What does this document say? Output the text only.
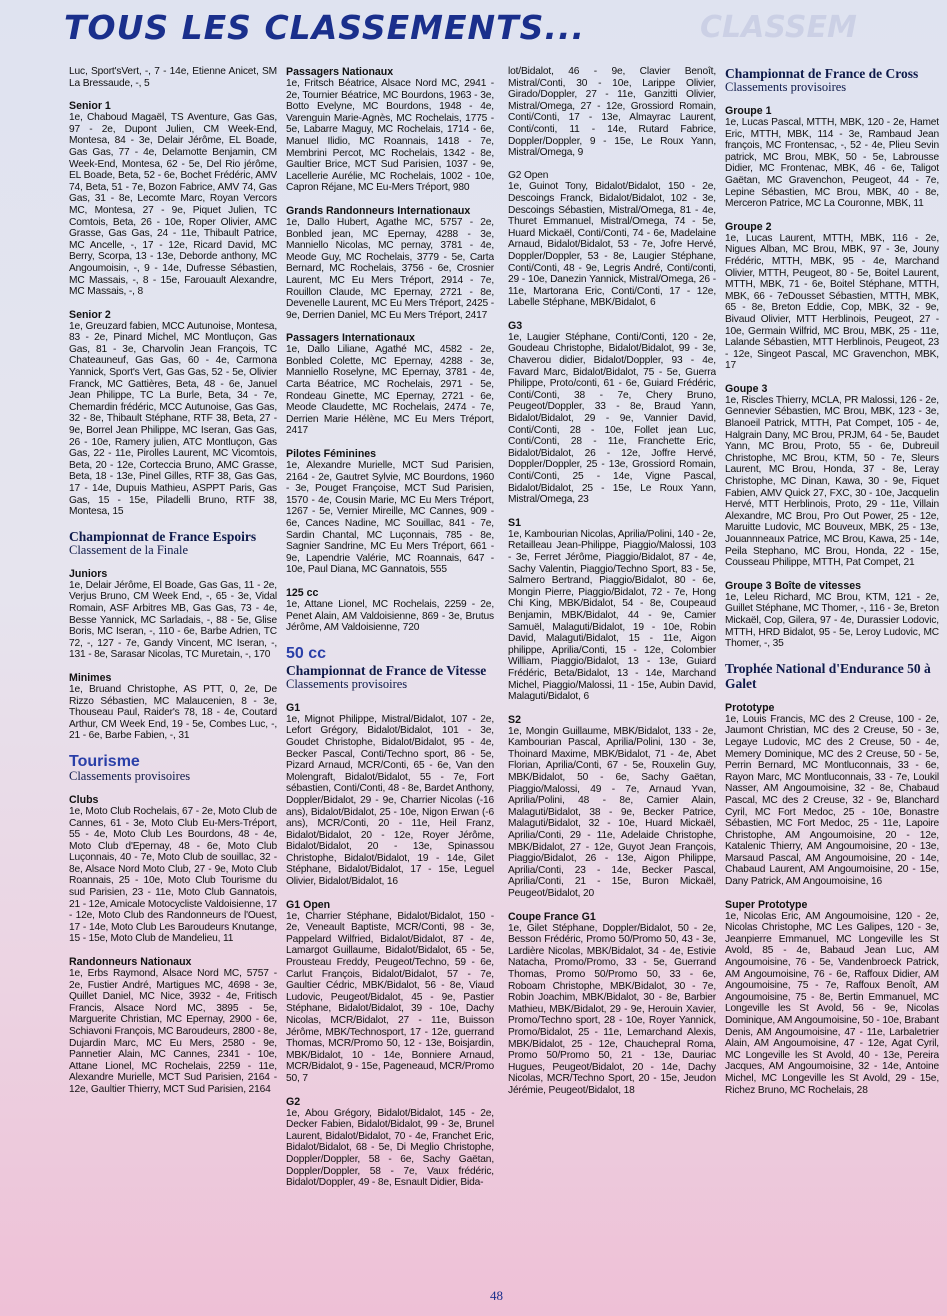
CLASSEM
TOUS LES CLASSEMENTS...

Luc, Sport'sVert, -, 7 - 14e, Etienne Anicet, SM La Bressaude, -, 5

Senior 1

1e, Chaboud Magaël, TS Aventure, Gas Gas, 97 - 2e, Dupont Julien, CM Week-End, Montesa, 84 - 3e, Delair Jérôme, EL Boade, Gas Gas, 77 - 4e, Delamotte Benjamin, CM Week-End, Montesa, 62 - 5e, Del Rio jérôme, EL Boade, Beta, 52 - 6e, Bochet Frédéric, AMV 74, Beta, 51 - 7e, Bozon Fabrice, AMV 74, Gas Gas, 31 - 8e, Lecomte Marc, Royan Vercors MC, Montesa, 27 - 9e, Piquet Julien, TC Comtois, Beta, 26 - 10e, Roper Olivier, AMC Grasse, Gas Gas, 24 - 11e, Thibault Patrice, MC Ancelle, -, 17 - 12e, Ricard David, MC Berry, Scorpa, 13 - 13e, Deborde anthony, MC Angoumoisin, -, 9 - 14e, Dufresse Sébastien, MC Massais, -, 8 - 15e, Farouault Alexandre, MC Massais, -, 8

Senior 2

1e, Greuzard fabien, MCC Autunoise, Montesa, 83 - 2e, Pinard Michel, MC Montluçon, Gas Gas, 81 - 3e, Charvolin Jean François, TC Chateauneuf, Gas Gas, 60 - 4e, Carmona Yannick, Sport's Vert, Gas Gas, 52 - 5e, Olivier Franck, MC Gattières, Beta, 48 - 6e, Januel Jean Philippe, TC La Burle, Beta, 34 - 7e, Chemardin frédéric, MCC Autunoise, Gas Gas, 32 - 8e, Thibault Stéphane, RTF 38, Beta, 27 - 9e, Borrel Jean Philippe, MC Iseran, Gas Gas, 26 - 10e, Ramery julien, ATC Montluçon, Gas Gas, 22 - 11e, Pirolles Laurent, MC Vicomtois, Beta, 20 - 12e, Corteccia Bruno, AMC Grasse, Beta, 18 - 13e, Pinel Gilles, RTF 38, Gas Gas, 17 - 14e, Dupuis Mathieu, ASPPT Paris, Gas Gas, 15 - 15e, Piladelli Bruno, RTF 38, Montesa, 15

Championnat de France Espoirs

Classement de la Finale

Juniors

1e, Delair Jérôme, El Boade, Gas Gas, 11 - 2e, Verjus Bruno, CM Week End, -, 65 - 3e, Vidal Romain, ASF Arbitres MB, Gas Gas, 73 - 4e, Besse Yannick, MC Sarladais, -, 88 - 5e, Glise Boris, MC Iseran, -, 110 - 6e, Barbe Adrien, TC 72, -, 127 - 7e, Gandy Vincent, MC Iseran, -, 131 - 8e, Sarasar Nicolas, TC Muretain, -, 170

Minimes

1e, Bruand Christophe, AS PTT, 0, 2e, De Rizzo Sébastien, MC Malaucenien, 8 - 3e, Thouseau Paul, Raider's 78, 18 - 4e, Coutard Arthur, CM Week End, 19 - 5e, Combes Luc, -, 21 - 6e, Barbe Fabien, -, 31

Tourisme

Classements provisoires

Clubs

1e, Moto Club Rochelais, 67 - 2e, Moto Club de Cannes, 61 - 3e, Moto Club Eu-Mers-Tréport, 55 - 4e, Moto Club Les Bourdons, 48 - 4e, Moto Club d'Epernay, 48 - 6e, Moto Club Luçonnais, 40 - 7e, Moto Club de souillac, 32 - 8e, Alsace Nord Moto Club, 27 - 9e, Moto Club Roannais, 25 - 10e, Moto Club Tourisme du sud Parisien, 23 - 11e, Moto Club Gannatois, 21 - 12e, Amicale Motocycliste Valdoisienne, 17 - 12e, Moto Club des Randonneurs de l'Ouest, 17 - 14e, Moto Club Les Baroudeurs Knutange, 15 - 15e, Moto Club de Mandelieu, 11

Randonneurs Nationaux

1e, Erbs Raymond, Alsace Nord MC, 5757 - 2e, Fustier André, Martigues MC, 4698 - 3e, Quillet Daniel, MC Nice, 3932 - 4e, Fritisch Francis, Alsace Nord MC, 3895 - 5e, Marguerite Christian, MC Epernay, 2900 - 6e, Schiavoni François, MC Baroudeurs, 2800 - 8e, Dujardin Marc, MC Eu Mers, 2580 - 9e, Pannetier Alain, MC Cannes, 2341 - 10e, Attane Lionel, MC Rochelais, 2259 - 11e, Alexandre Murielle, MCT Sud Parisien, 2164 - 12e, Gaultier Thierry, MCT Sud Parisien, 2164

Passagers Nationaux

1e, Fritsch Béatrice, Alsace Nord MC, 2941 - 2e, Tournier Béatrice, MC Bourdons, 1963 - 3e, Botto Evelyne, MC Bourdons, 1948 - 4e, Varenguin Marie-Agnès, MC Rochelais, 1775 - 5e, Labarre Maguy, MC Rochelais, 1714 - 6e, Manuel Ilidio, MC Roannais, 1418 - 7e, Membrini Percot, MC Rochelais, 1342 - 8e, Gaultier Brice, MCT Sud Parisien, 1037 - 9e, Lacellerie Aurélie, MC Rochelais, 1002 - 10e, Capron Réjane, MC Eu-Mers Tréport, 980

Grands Randonneurs Internationaux

1e, Dallo Hubert, Agathe MC, 5757 - 2e, Bonbled jean, MC Epernay, 4288 - 3e, Manniello Nicolas, MC pernay, 3781 - 4e, Meode Guy, MC Rochelais, 3779 - 5e, Carta Bernard, MC Rochelais, 3756 - 6e, Crosnier Laurent, MC Eu Mers Tréport, 2914 - 7e, Rouillon Claude, MC Epernay, 2721 - 8e, Devenelle Laurent, MC Eu Mers Tréport, 2425 - 9e, Derrien Daniel, MC Eu Mers Tréport, 2417

Passagers Internationaux

1e, Dallo Liliane, Agathé MC, 4582 - 2e, Bonbled Colette, MC Epernay, 4288 - 3e, Manniello Roselyne, MC Epernay, 3781 - 4e, Carta Béatrice, MC Rochelais, 2971 - 5e, Rondeau Ginette, MC Epernay, 2721 - 6e, Meode Claudette, MC Rochelais, 2474 - 7e, Derrien Marie Hélène, MC Eu Mers Tréport, 2417

Pilotes Féminines

1e, Alexandre Murielle, MCT Sud Parisien, 2164 - 2e, Gautret Sylvie, MC Bourdons, 1960 - 3e, Pouget Françoise, MCT Sud Parisien, 1570 - 4e, Cousin Marie, MC Eu Mers Tréport, 1267 - 5e, Vernier Mireille, MC Cannes, 909 - 6e, Cances Nadine, MC Souillac, 841 - 7e, Sardin Chantal, MC Luçonnais, 785 - 8e, Sagnier Sandrine, MC Eu Mers Tréport, 661 - 9e, Lapendrie Valérie, MC Roannais, 647 - 10e, Paul Diana, MC Gannatois, 555

125 cc

1e, Attane Lionel, MC Rochelais, 2259 - 2e, Penet Alain, AM Valdoisienne, 869 - 3e, Brutus Jérôme, AM Valdoisienne, 720

50 cc

Championnat de France de Vitesse

Classements provisoires

G1

1e, Mignot Philippe, Mistral/Bidalot, 107 - 2e, Lefort Grégory, Bidalot/Bidalot, 101 - 3e, Goudet Christophe, Bidalot/Bidalot, 95 - 4e, Becker Pascal, Conti/Techno sport, 86 - 5e, Pizard Arnaud, MCR/Conti, 65 - 6e, Van den Molengraft, Bidalot/Bidalot, 55 - 7e, Fort sébastien, Conti/Conti, 48 - 8e, Bardet Anthony, Doppler/Bidalot, 29 - 9e, Charrier Nicolas (-16 ans), Bidalot/Bidalot, 25 - 10e, Nigon Erwan (-6 ans), MCR/Conti, 20 - 11e, Heil Franz, Bidalot/Bidalot, 20 - 12e, Royer Jérôme, Bidalot/Bidalot, 20 - 13e, Spinassou Christophe, Bidalot/Bidalot, 19 - 14e, Gilet Stéphane, Bidalot/Bidalot, 17 - 15e, Leguel Olivier, Bidalot/Bidalot, 16

G1 Open

1e, Charrier Stéphane, Bidalot/Bidalot, 150 - 2e, Veneault Baptiste, MCR/Conti, 98 - 3e, Pappelard Wilfried, Bidalot/Bidalot, 87 - 4e, Lamargot Guillaume, Bidalot/Bidalot, 65 - 5e, Prousteau Freddy, Peugeot/Techno, 59 - 6e, Carlut François, Bidalot/Bidalot, 57 - 7e, Gaultier Cédric, MBK/Bidalot, 56 - 8e, Viaud Ludovic, Peugeot/Bidalot, 45 - 9e, Pastier Stéphane, Bidalot/Bidalot, 39 - 10e, Dachy Nicolas, MCR/Bidalot, 27 - 11e, Buisson Jérôme, MBK/Technosport, 17 - 12e, guerrand Thomas, MCR/Promo 50, 12 - 13e, Boisjardin, MBK/Bidalot, 10 - 14e, Bonniere Arnaud, MCR/Bidalot, 9 - 15e, Pageneaud, MCR/Promo 50, 7

G2

1e, Abou Grégory, Bidalot/Bidalot, 145 - 2e, Decker Fabien, Bidalot/Bidalot, 99 - 3e, Brunel Laurent, Bidalot/Bidalot, 70 - 4e, Franchet Eric, Bidalot/Bidalot, 68 - 5e, Di Meglio Christophe, Doppler/Doppler, 58 - 6e, Sachy Gaëtan, Doppler/Doppler, 58 - 7e, Vaux frédéric, Bidalot/Doppler, 49 - 8e, Esnault Didier, Bida-

lot/Bidalot, 46 - 9e, Clavier Benoît, Mistral/Conti, 30 - 10e, Larippe Olivier, Girado/Doppler, 27 - 11e, Ganzitti Olivier, Mistral/Omega, 27 - 12e, Grossiord Romain, Conti/Conti, 17 - 13e, Almayrac Laurent, Conti/conti, 11 - 14e, Rutard Fabrice, Doppler/Doppler, 9 - 15e, Le Roux Yann, Mistral/Omega, 9

G2 Open

1e, Guinot Tony, Bidalot/Bidalot, 150 - 2e, Descoings Franck, Bidalot/Bidalot, 102 - 3e, Descoings Sébastien, Mistral/Omega, 81 - 4e, Thuret Emmanuel, Mistral/Omega, 74 - 5e, Huard Mickaël, Conti/Conti, 74 - 6e, Madelaine Arnaud, Bidalot/Bidalot, 53 - 7e, Jofre Hervé, Doppler/Doppler, 53 - 8e, Laugier Stéphane, Conti/Conti, 48 - 9e, Legris André, Conti/conti, 29 - 10e, Danezin Yannick, Mistral/Omega, 26 - 11e, Martorana Eric, Conti/Conti, 17 - 12e, Labelle Stéphane, MBK/Bidalot, 6

G3

1e, Laugier Stéphane, Conti/Conti, 120 - 2e, Goudeau Christophe, Bidalot/Bidalot, 99 - 3e, Chaverou didier, Bidalot/Doppler, 93 - 4e, Favard Marc, Bidalot/Bidalot, 75 - 5e, Guerra Philippe, Proto/conti, 61 - 6e, Guiard Frédéric, Conti/Conti, 38 - 7e, Chery Bruno, Peugeot/Doppler, 33 - 8e, Braud Yann, Bidalot/Bidalot, 29 - 9e, Vannier David, Conti/Conti, 28 - 10e, Follet jean Luc, Conti/Conti, 28 - 11e, Franchette Eric, Bidalot/Bidalot, 26 - 12e, Joffre Hervé, Doppler/Doppler, 25 - 13e, Grossiord Romain, Conti/Conti, 25 - 14e, Vigne Pascal, Bidalot/Bidalot, 25 - 15e, Le Roux Yann, Mistral/Omega, 23

S1

1e, Kambourian Nicolas, Aprilia/Polini, 140 - 2e, Retailleau Jean-Philippe, Piaggio/Malossi, 103 - 3e, Ferret Jérôme, Piaggio/Bidalot, 87 - 4e, Sachy Valentin, Piaggio/Techno Sport, 83 - 5e, Salmero Bertrand, Piaggio/Bidalot, 80 - 6e, Mongin Pierre, Piaggio/Bidalot, 72 - 7e, Hong Chi King, MBK/Bidalot, 54 - 8e, Coupeaud Benjamin, MBK/Bidalot, 44 - 9e, Camier Samuël, Malaguti/Bidalot, 19 - 10e, Robin David, Malaguti/Bidalot, 15 - 11e, Aigon philippe, Aprilia/Conti, 15 - 12e, Colombier William, Piaggio/Bidalot, 13 - 13e, Guiard Frédéric, Beta/Bidalot, 13 - 14e, Marchand Michel, Piaggio/Malossi, 11 - 15e, Aubin David, Malaguti/Bidalot, 6

S2

1e, Mongin Guillaume, MBK/Bidalot, 133 - 2e, Kambourian Pascal, Aprilia/Polini, 130 - 3e, Thoinard Maxime, MBK/Bidalot, 71 - 4e, Abet Florian, Aprilia/Conti, 67 - 5e, Rouxelin Guy, MBK/Bidalot, 50 - 6e, Sachy Gaëtan, Piaggio/Malossi, 49 - 7e, Arnaud Yvan, Aprilia/Polini, 48 - 8e, Camier Alain, Malaguti/Bidalot, 38 - 9e, Becker Patrice, Malaguti/Bidalot, 32 - 10e, Huard Mickaël, Aprilia/Conti, 29 - 11e, Adelaide Christophe, MBK/Bidalot, 27 - 12e, Guyot Jean François, Piaggio/Bidalot, 26 - 13e, Aigon Philippe, Aprilia/Conti, 23 - 14e, Becker Pascal, Aprilia/Conti, 21 - 15e, Buron Mickaël, Peugeot/Bidalot, 20

Coupe France G1

1e, Gilet Stéphane, Doppler/Bidalot, 50 - 2e, Besson Frédéric, Promo 50/Promo 50, 43 - 3e, Lardière Nicolas, MBK/Bidalot, 34 - 4e, Estivie Natacha, Promo/Promo, 33 - 5e, Guerrand Thomas, Promo 50/Promo 50, 33 - 6e, Roboam Christophe, MBK/Bidalot, 30 - 7e, Robin Joachim, MBK/Bidalot, 30 - 8e, Barbier Mathieu, MBK/Bidalot, 29 - 9e, Herouin Xavier, Promo/Techno sport, 28 - 10e, Royer Yannick, Promo/Bidalot, 25 - 11e, Lemarchand Alexis, MBK/Bidalot, 25 - 12e, Chauchepral Roma, Promo 50/Promo 50, 21 - 13e, Dauriac Hugues, Peugeot/Bidalot, 20 - 14e, Dachy Nicolas, MCR/Techno Sport, 20 - 15e, Jeudon Jérémie, Peugeot/Bidalot, 18

Championnat de France de Cross

Classements provisoires

Groupe 1

1e, Lucas Pascal, MTTH, MBK, 120 - 2e, Hamet Eric, MTTH, MBK, 114 - 3e, Rambaud Jean françois, MC Frontensac, -, 52 - 4e, Plieu Sevin patrick, MC Brou, MBK, 50 - 5e, Labrousse Didier, MC Frontenac, MBK, 46 - 6e, Taligot Gaëtan, MC Gravenchon, Peugeot, 44 - 7e, Lepine Sébastien, MC Brou, MBK, 40 - 8e, Merceron Patrice, MC La Couronne, MBK, 11

Groupe 2

1e, Lucas Laurent, MTTH, MBK, 116 - 2e, Nigues Alban, MC Brou, MBK, 97 - 3e, Jouny Frédéric, MTTH, MBK, 95 - 4e, Marchand Olivier, MTTH, Peugeot, 80 - 5e, Boitel Laurent, MTTH, MBK, 71 - 6e, Boitel Stéphane, MTTH, MBK, 66 - 7eDousset Sébastien, MTTH, MBK, 65 - 8e, Breton Eddie, Cop, MBK, 32 - 9e, Bivaud Olivier, MTT Herblinois, Peugeot, 27 - 10e, Germain Wilfrid, MC Brou, MBK, 25 - 11e, Lalande Sébastien, MTT Herblinois, Peugeot, 23 - 12e, Singeot Pascal, MC Gravenchon, MBK, 17

Goupe 3

1e, Riscles Thierry, MCLA, PR Malossi, 126 - 2e, Gennevier Sébastien, MC Brou, MBK, 123 - 3e, Blanoeil Patrick, MTTH, Pat Compet, 105 - 4e, Halgrain Dany, MC Brou, PRJM, 64 - 5e, Baudet Yann, MC Brou, Proto, 55 - 6e, Dubreuil Christophe, MC Brou, KTM, 50 - 7e, Sleurs Laurent, MC Brou, Honda, 37 - 8e, Leray Christophe, MC Dinan, Kawa, 30 - 9e, Fiquet Fabien, AMV Quick 27, FXC, 30 - 10e, Jacquelin Hervé, MTT Herblinois, Proto, 29 - 11e, Villain Alexandre, MC Brou, Pro Out Power, 25 - 12e, Maruitte Ludovic, MC Bouveux, MBK, 25 - 13e, Jouannneaux Patrice, MC Brou, Kawa, 25 - 14e, Peila Stephano, MC Brou, Honda, 22 - 15e, Cousseau Philippe, MTTH, Pat Compet, 21

Groupe 3 Boîte de vitesses

1e, Leleu Richard, MC Brou, KTM, 121 - 2e, Guillet Stéphane, MC Thomer, -, 116 - 3e, Breton Mickaël, Cop, Gilera, 97 - 4e, Durassier Lodovic, MTTH, HRD Bidalot, 95 - 5e, Leroy Ludovic, MC Thomer, -, 35

Trophée National d'Endurance 50 à Galet

Prototype

1e, Louis Francis, MC des 2 Creuse, 100 - 2e, Jaumont Christian, MC des 2 Creuse, 50 - 3e, Legaye Ludovic, MC des 2 Creuse, 50 - 4e, Memery Dominique, MC des 2 Creuse, 50 - 5e, Perrin Bernard, MC Montluconnais, 33 - 6e, Rayon Marc, MC Montluconnais, 33 - 7e, Loukil Nasser, AM Angoumoisine, 32 - 8e, Chabaud Pascal, MC des 2 Creuse, 32 - 9e, Blanchard Cyril, MC Fort Medoc, 25 - 10e, Bonastre Sébastien, MC Fort Medoc, 25 - 11e, Lapoire Christophe, AM Angoumoisine, 20 - 12e, Katalenic Thierry, AM Angoumoisine, 20 - 13e, Marsaud Pascal, AM Angoumoisine, 20 - 14e, Chabaud Laurent, AM Angoumoisine, 20 - 15e, Dany Patrick, AM Angoumoisine, 16

Super Prototype

1e, Nicolas Eric, AM Angoumoisine, 120 - 2e, Nicolas Christophe, MC Les Galipes, 120 - 3e, Jeanpierre Emmanuel, MC Longeville les St Avold, 85 - 4e, Babaud Jean Luc, AM Angoumoisine, 76 - 5e, Vandenbroeck Patrick, AM Angoumoisine, 76 - 6e, Raffoux Didier, AM Angoumoisine, 75 - 7e, Raffoux Benoît, AM Angoumoisine, 75 - 8e, Bertin Emmanuel, MC Longeville les St Avold, 56 - 9e, Nicolas Dominique, AM Angoumoisine, 50 - 10e, Brabant Denis, AM Angoumoisine, 47 - 11e, Larbaletrier Alain, AM Angoumoisine, 47 - 12e, Agat Cyril, MC Longeville les St Avold, 40 - 13e, Pereira Jacques, AM Angoumoisine, 32 - 14e, Antoine Michel, MC Longeville les St Avold, 29 - 15e, Richez Bruno, MC Rochelais, 28

48
